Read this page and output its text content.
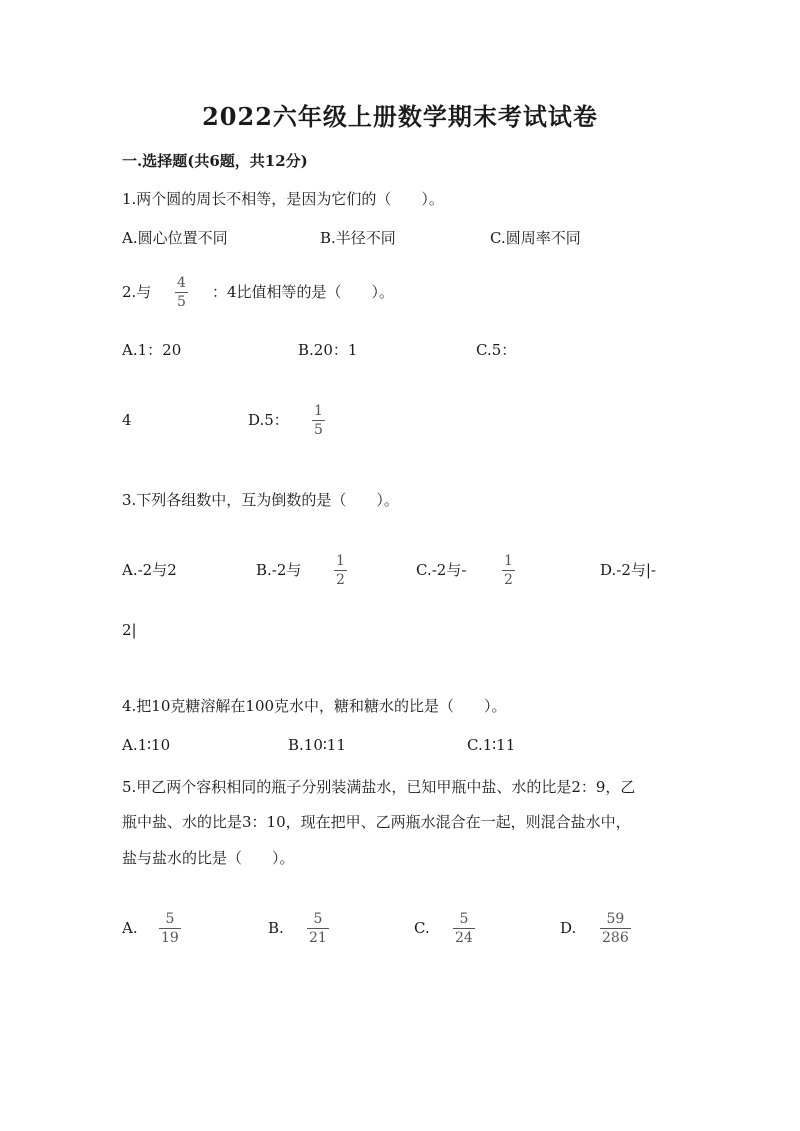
2022六年级上册数学期末考试试卷
一.选择题(共6题，共12分)
1.两个圆的周长不相等，是因为它们的（　　）。
A.圆心位置不同	B.半径不同	C.圆周率不同
2.与 4
5
：4比值相等的是（　　）。
A.1：20	B.20：1	C.5：
4	D.5： 1
5
3.下列各组数中，互为倒数的是（　　）。
A.-2与2	B.-2与 1
2
C.-2与-	1
2
D.-2与|-
2|
4.把10克糖溶解在100克水中，糖和糖水的比是（　　）。
A.1∶10	B.10∶11	C.1∶11
5.甲乙两个容积相同的瓶子分别装满盐水，已知甲瓶中盐、水的比是2：9，乙
瓶中盐、水的比是3：10，现在把甲、乙两瓶水混合在一起，则混合盐水中，
盐与盐水的比是（　　）。
A. 5
19
B. 5
21
C. 5
24
D. 59
286
